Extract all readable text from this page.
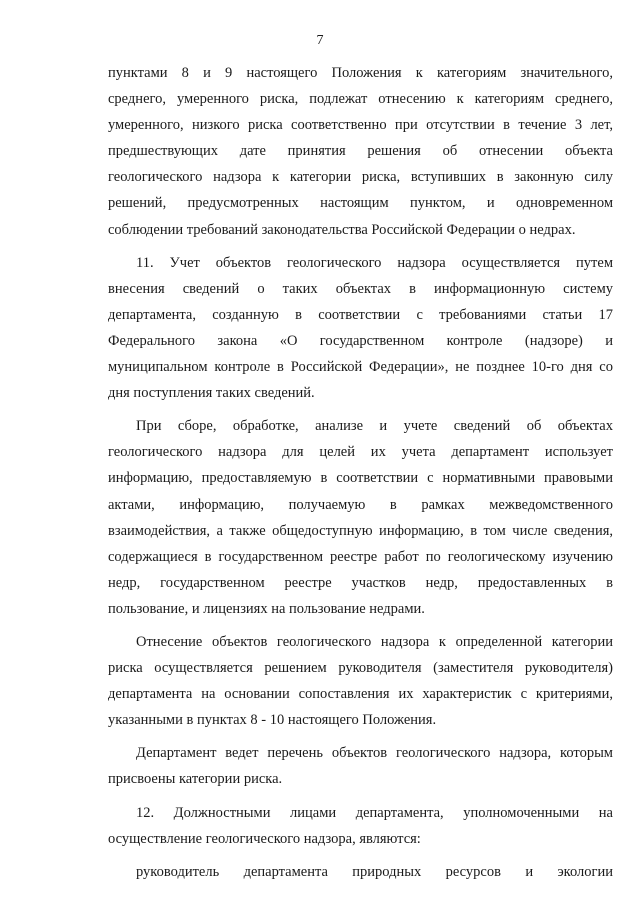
7
пунктами 8 и 9 настоящего Положения к категориям значительного,
среднего, умеренного риска, подлежат отнесению к категориям среднего,
умеренного, низкого риска соответственно при отсутствии в течение 3 лет,
предшествующих дате принятия решения об отнесении объекта
геологического надзора к категории риска, вступивших в законную силу
решений, предусмотренных настоящим пунктом, и одновременном
соблюдении требований законодательства Российской Федерации о недрах.
11. Учет объектов геологического надзора осуществляется путем
внесения сведений о таких объектах в информационную систему
департамента, созданную в соответствии с требованиями статьи 17
Федерального закона «О государственном контроле (надзоре) и
муниципальном контроле в Российской Федерации», не позднее 10-го дня со
дня поступления таких сведений.
При сборе, обработке, анализе и учете сведений об объектах
геологического надзора для целей их учета департамент использует
информацию, предоставляемую в соответствии с нормативными правовыми
актами, информацию, получаемую в рамках межведомственного
взаимодействия, а также общедоступную информацию, в том числе сведения,
содержащиеся в государственном реестре работ по геологическому изучению
недр, государственном реестре участков недр, предоставленных в
пользование, и лицензиях на пользование недрами.
Отнесение объектов геологического надзора к определенной категории
риска осуществляется решением руководителя (заместителя руководителя)
департамента на основании сопоставления их характеристик с критериями,
указанными в пунктах 8 - 10 настоящего Положения.
Департамент ведет перечень объектов геологического надзора, которым
присвоены категории риска.
12. Должностными лицами департамента, уполномоченными на
осуществление геологического надзора, являются:
руководитель департамента природных ресурсов и экологии
